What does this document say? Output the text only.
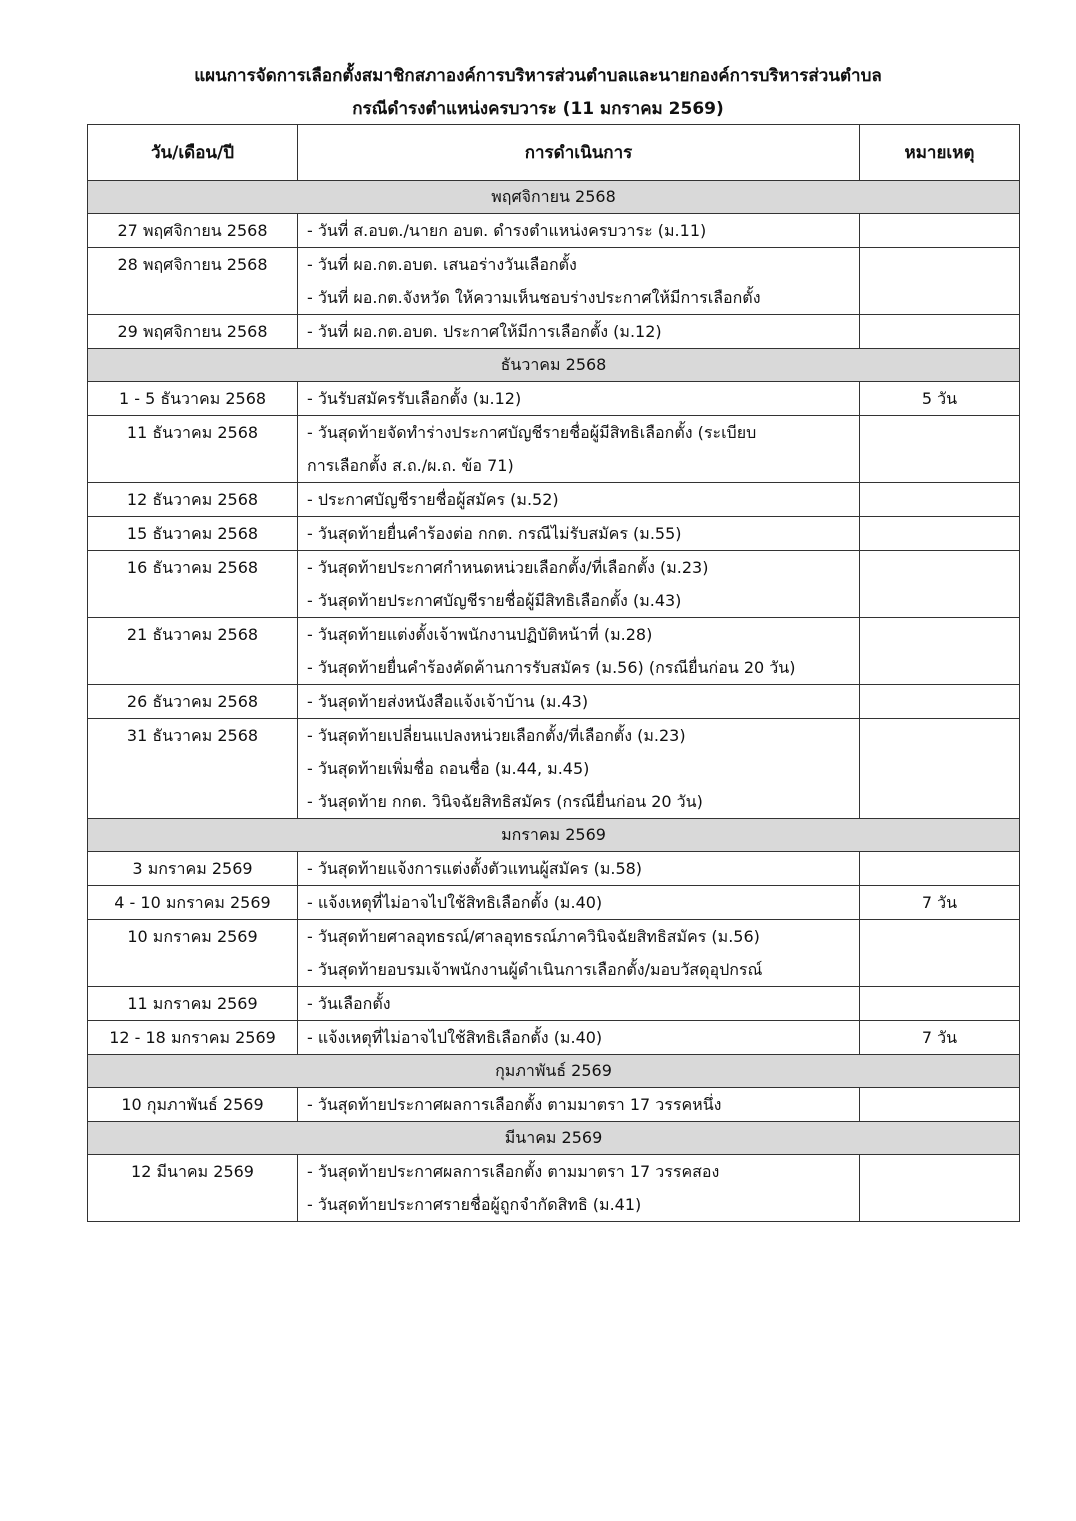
แผนการจัดการเลือกตั้งสมาชิกสภาองค์การบริหารส่วนตำบลและนายกองค์การบริหารส่วนตำบล
กรณีดำรงตำแหน่งครบวาระ (11 มกราคม 2569)
วัน/เดือน/ปี	การดำเนินการ	หมายเหตุ
พฤศจิกายน 2568		
27 พฤศจิกายน 2568	- วันที่ ส.อบต./นายก อบต. ดำรงตำแหน่งครบวาระ (ม.11)	

28 พฤศจิกายน 2568	- วันที่ ผอ.กต.อบต. เสนอร่างวันเลือกตั้ง
- วันที่ ผอ.กต.จังหวัด ให้ความเห็นชอบร่างประกาศให้มีการเลือกตั้ง	

29 พฤศจิกายน 2568	- วันที่ ผอ.กต.อบต. ประกาศให้มีการเลือกตั้ง (ม.12)	

ธันวาคม 2568		
1 - 5 ธันวาคม 2568	- วันรับสมัครรับเลือกตั้ง (ม.12)	5 วัน
11 ธันวาคม 2568	- วันสุดท้ายจัดทำร่างประกาศบัญชีรายชื่อผู้มีสิทธิเลือกตั้ง (ระเบียบ
การเลือกตั้ง ส.ถ./ผ.ถ. ข้อ 71)	

12 ธันวาคม 2568	- ประกาศบัญชีรายชื่อผู้สมัคร (ม.52)	

15 ธันวาคม 2568	- วันสุดท้ายยื่นคำร้องต่อ กกต. กรณีไม่รับสมัคร (ม.55)	

16 ธันวาคม 2568	- วันสุดท้ายประกาศกำหนดหน่วยเลือกตั้ง/ที่เลือกตั้ง (ม.23)
- วันสุดท้ายประกาศบัญชีรายชื่อผู้มีสิทธิเลือกตั้ง (ม.43)	

21 ธันวาคม 2568	- วันสุดท้ายแต่งตั้งเจ้าพนักงานปฏิบัติหน้าที่ (ม.28)
- วันสุดท้ายยื่นคำร้องคัดค้านการรับสมัคร (ม.56) (กรณียื่นก่อน 20 วัน)	

26 ธันวาคม 2568	- วันสุดท้ายส่งหนังสือแจ้งเจ้าบ้าน (ม.43)	

31 ธันวาคม 2568	- วันสุดท้ายเปลี่ยนแปลงหน่วยเลือกตั้ง/ที่เลือกตั้ง (ม.23)
- วันสุดท้ายเพิ่มชื่อ ถอนชื่อ (ม.44, ม.45)
- วันสุดท้าย กกต. วินิจฉัยสิทธิสมัคร (กรณียื่นก่อน 20 วัน)	

มกราคม 2569		
3 มกราคม 2569	- วันสุดท้ายแจ้งการแต่งตั้งตัวแทนผู้สมัคร (ม.58)	

4 - 10 มกราคม 2569	- แจ้งเหตุที่ไม่อาจไปใช้สิทธิเลือกตั้ง (ม.40)	7 วัน
10 มกราคม 2569	- วันสุดท้ายศาลอุทธรณ์/ศาลอุทธรณ์ภาควินิจฉัยสิทธิสมัคร (ม.56)
- วันสุดท้ายอบรมเจ้าพนักงานผู้ดำเนินการเลือกตั้ง/มอบวัสดุอุปกรณ์	

11 มกราคม 2569	- วันเลือกตั้ง	

12 - 18 มกราคม 2569	- แจ้งเหตุที่ไม่อาจไปใช้สิทธิเลือกตั้ง (ม.40)	7 วัน
กุมภาพันธ์ 2569		
10 กุมภาพันธ์ 2569	- วันสุดท้ายประกาศผลการเลือกตั้ง ตามมาตรา 17 วรรคหนึ่ง	

มีนาคม 2569		
12 มีนาคม 2569	- วันสุดท้ายประกาศผลการเลือกตั้ง ตามมาตรา 17 วรรคสอง
- วันสุดท้ายประกาศรายชื่อผู้ถูกจำกัดสิทธิ (ม.41)	
